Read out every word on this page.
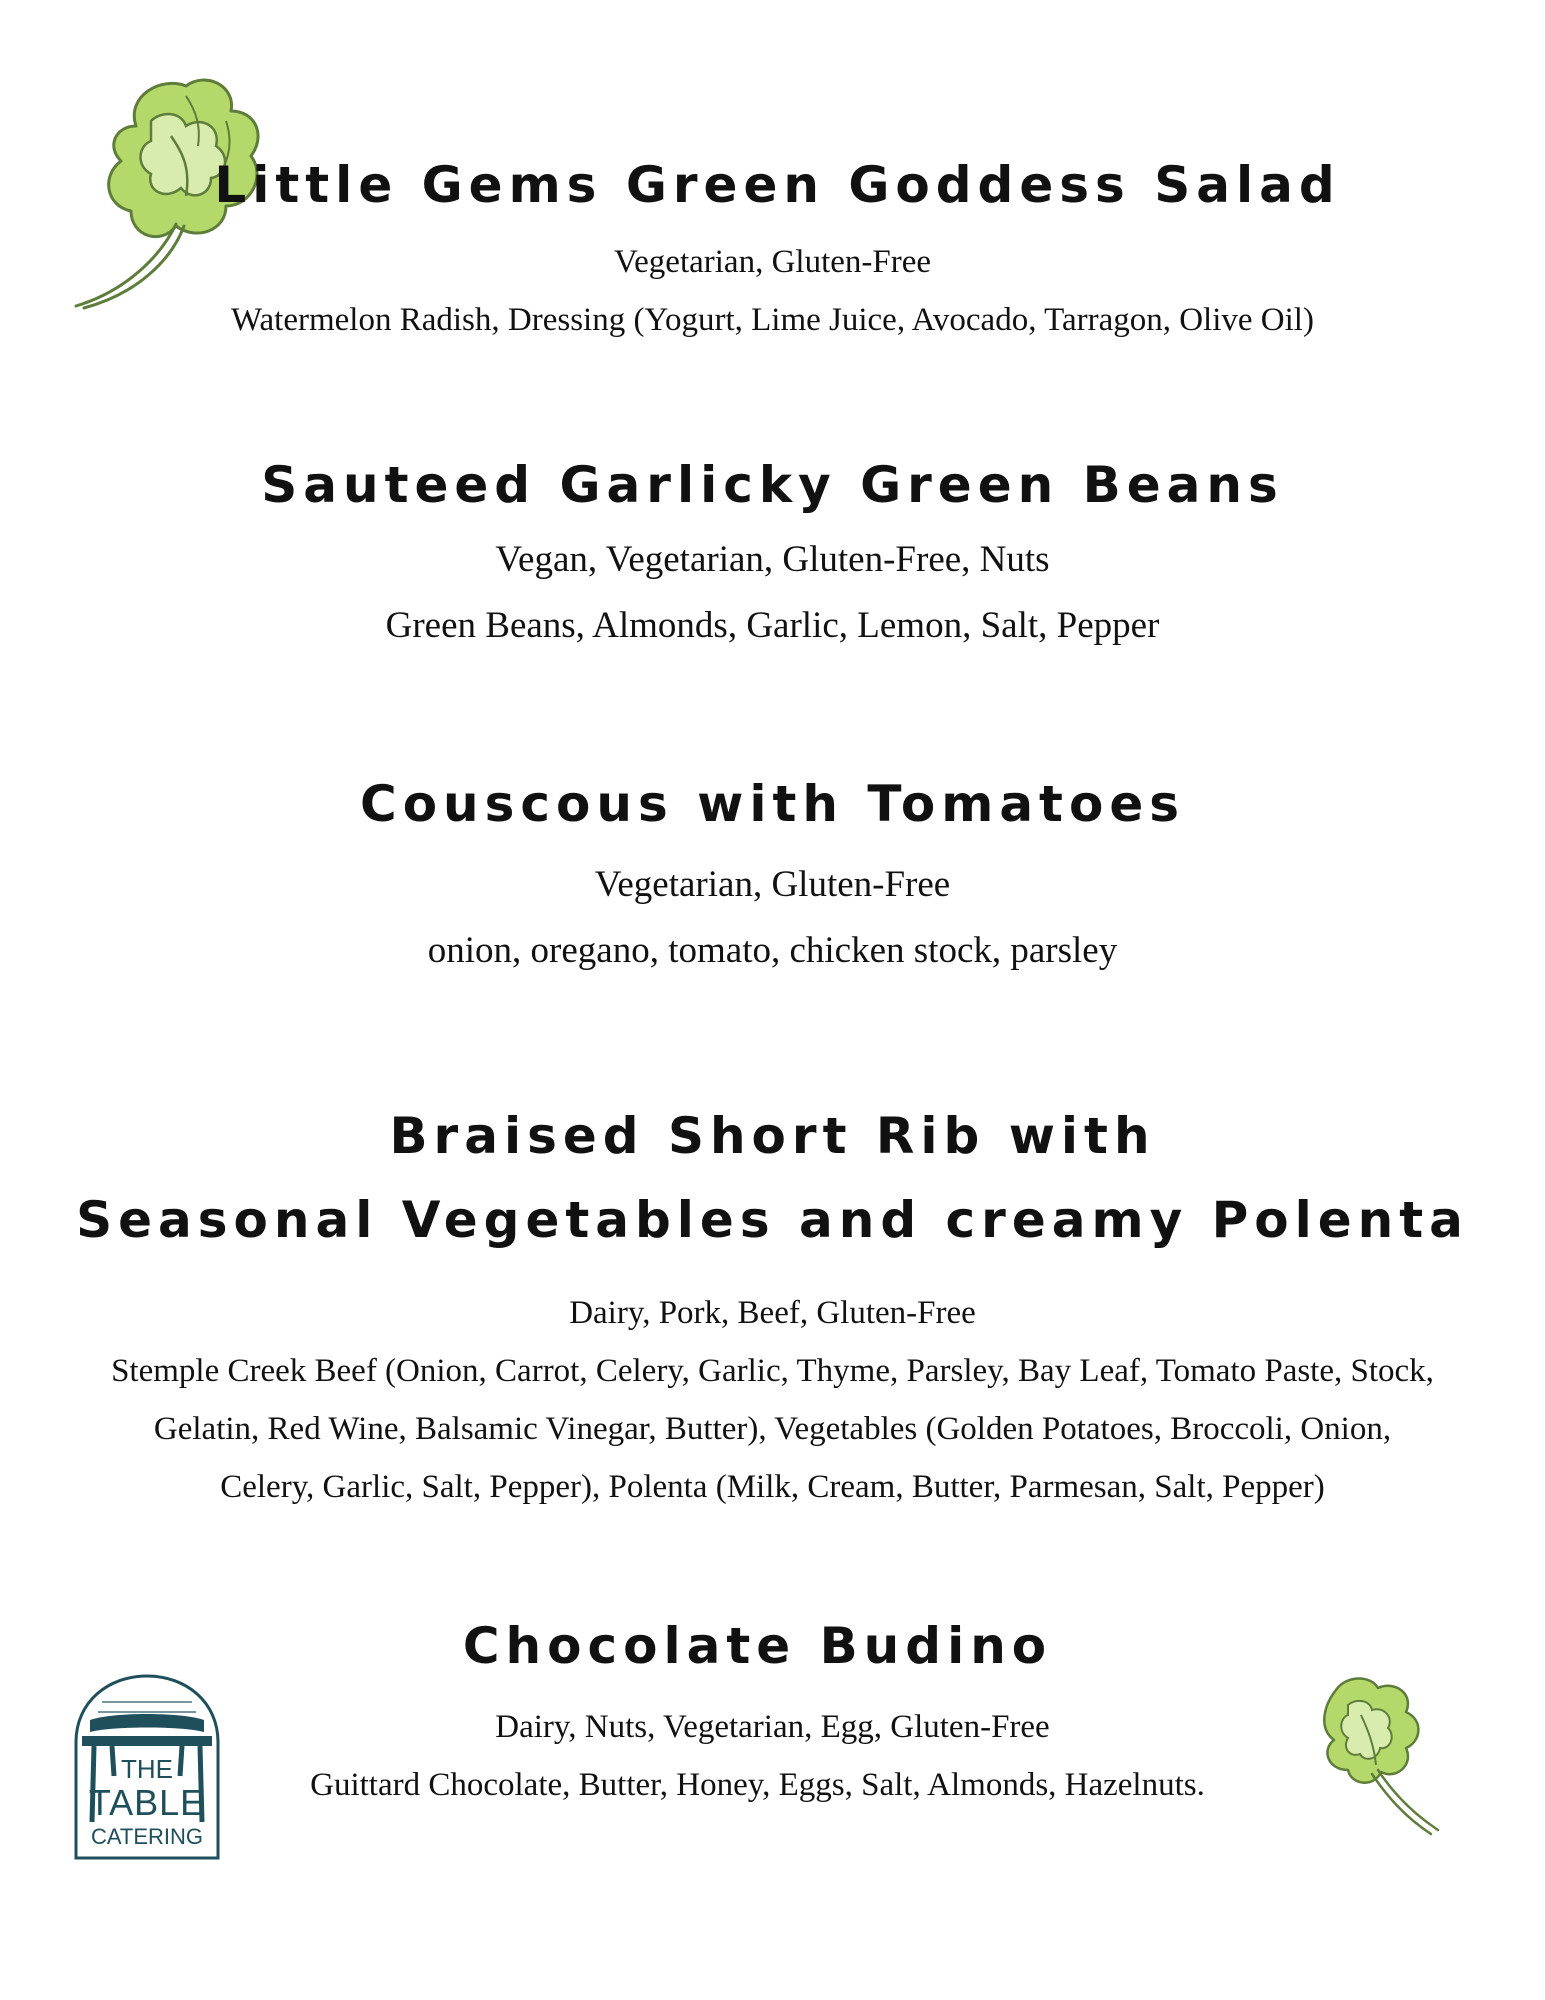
Little Gems Green Goddess Salad

Vegetarian, Gluten-Free

Watermelon Radish, Dressing (Yogurt, Lime Juice, Avocado, Tarragon, Olive Oil)

Sauteed Garlicky Green Beans

Vegan, Vegetarian, Gluten-Free, Nuts

Green Beans, Almonds, Garlic, Lemon, Salt, Pepper

Couscous with Tomatoes

Vegetarian, Gluten-Free

onion, oregano, tomato, chicken stock, parsley

Braised Short Rib with
Seasonal Vegetables and creamy Polenta

Dairy, Pork, Beef, Gluten-Free

Stemple Creek Beef (Onion, Carrot, Celery, Garlic, Thyme, Parsley, Bay Leaf, Tomato Paste, Stock,

Gelatin, Red Wine, Balsamic Vinegar, Butter), Vegetables (Golden Potatoes, Broccoli, Onion,

Celery, Garlic, Salt, Pepper), Polenta (Milk, Cream, Butter, Parmesan, Salt, Pepper)

Chocolate Budino

Dairy, Nuts, Vegetarian, Egg, Gluten-Free

Guittard Chocolate, Butter, Honey, Eggs, Salt, Almonds, Hazelnuts.

THE
TABLE
CATERING
